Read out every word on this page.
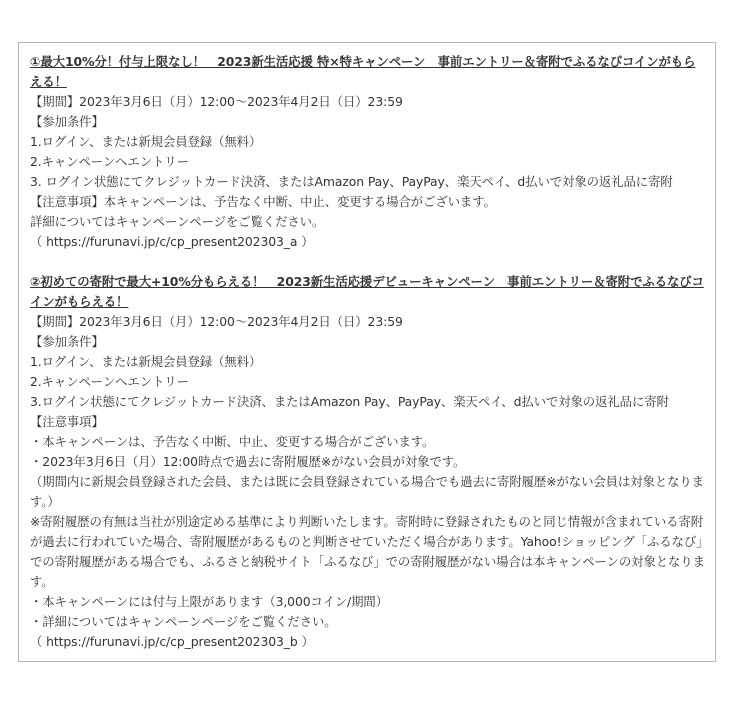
①最大10%分！付与上限なし！　2023新生活応援 特×特キャンペーン　事前エントリー＆寄附でふるなびコインがもらえる！
【期間】2023年3月6日（月）12:00～2023年4月2日（日）23:59
【参加条件】
1.ログイン、または新規会員登録（無料）
2.キャンペーンへエントリー
3. ログイン状態にてクレジットカード決済、またはAmazon Pay、PayPay、楽天ペイ、d払いで対象の返礼品に寄附
【注意事項】本キャンペーンは、予告なく中断、中止、変更する場合がございます。
詳細についてはキャンペーンページをご覧ください。
（ https://furunavi.jp/c/cp_present202303_a ）
②初めての寄附で最大+10%分もらえる！　2023新生活応援デビューキャンペーン　事前エントリー＆寄附でふるなびコインがもらえる！
【期間】2023年3月6日（月）12:00～2023年4月2日（日）23:59
【参加条件】
1.ログイン、または新規会員登録（無料）
2.キャンペーンへエントリー
3.ログイン状態にてクレジットカード決済、またはAmazon Pay、PayPay、楽天ペイ、d払いで対象の返礼品に寄附
【注意事項】
・本キャンペーンは、予告なく中断、中止、変更する場合がございます。
・2023年3月6日（月）12:00時点で過去に寄附履歴※がない会員が対象です。
（期間内に新規会員登録された会員、または既に会員登録されている場合でも過去に寄附履歴※がない会員は対象となります。）
※寄附履歴の有無は当社が別途定める基準により判断いたします。寄附時に登録されたものと同じ情報が含まれている寄附が過去に行われていた場合、寄附履歴があるものと判断させていただく場合があります。Yahoo!ショッピング「ふるなび」での寄附履歴がある場合でも、ふるさと納税サイト「ふるなび」での寄附履歴がない場合は本キャンペーンの対象となります。
・本キャンペーンには付与上限があります（3,000コイン/期間）
・詳細についてはキャンペーンページをご覧ください。
（ https://furunavi.jp/c/cp_present202303_b ）
